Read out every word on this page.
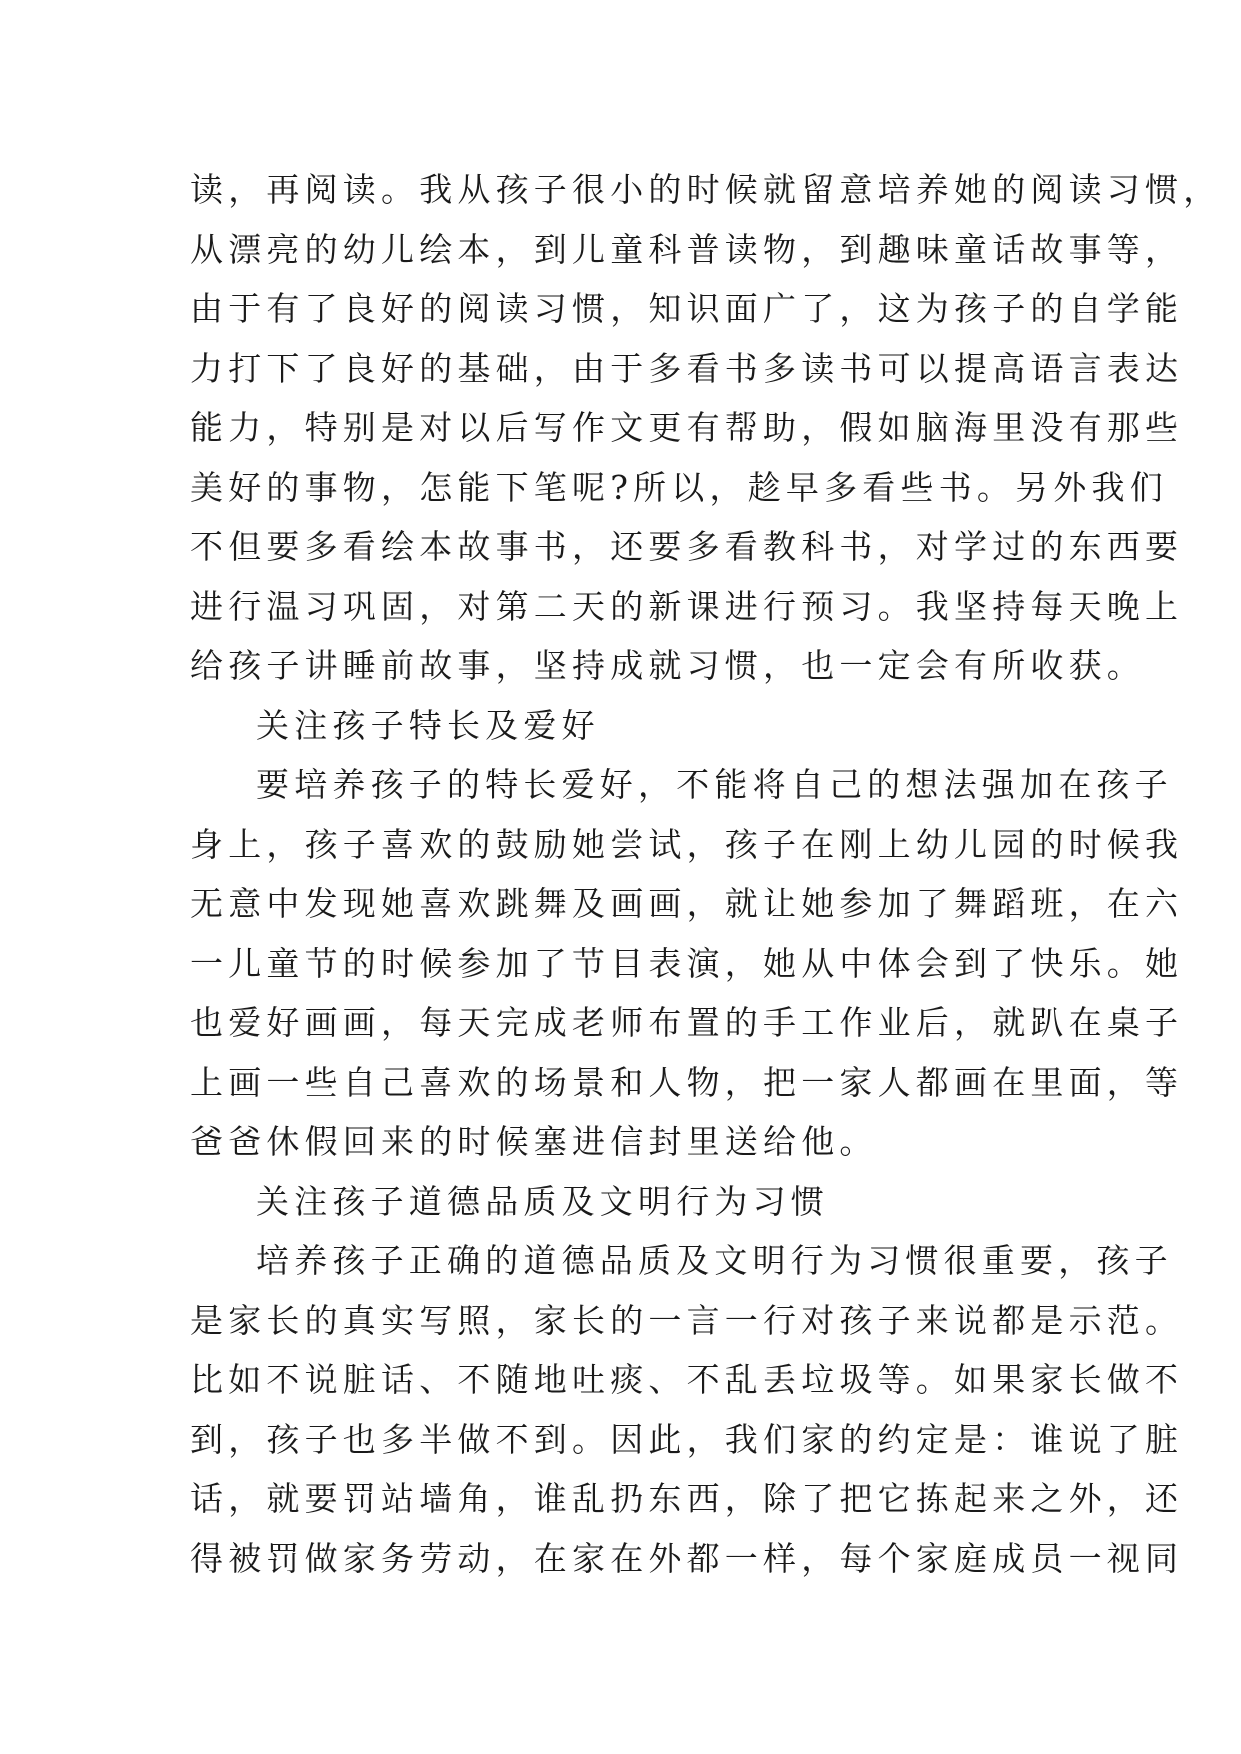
读，再阅读。我从孩子很小的时候就留意培养她的阅读习惯，
从漂亮的幼儿绘本，到儿童科普读物，到趣味童话故事等，
由于有了良好的阅读习惯，知识面广了，这为孩子的自学能
力打下了良好的基础，由于多看书多读书可以提高语言表达
能力，特别是对以后写作文更有帮助，假如脑海里没有那些
美好的事物，怎能下笔呢?所以，趁早多看些书。另外我们
不但要多看绘本故事书，还要多看教科书，对学过的东西要
进行温习巩固，对第二天的新课进行预习。我坚持每天晚上
给孩子讲睡前故事，坚持成就习惯，也一定会有所收获。
关注孩子特长及爱好
要培养孩子的特长爱好，不能将自己的想法强加在孩子
身上，孩子喜欢的鼓励她尝试，孩子在刚上幼儿园的时候我
无意中发现她喜欢跳舞及画画，就让她参加了舞蹈班，在六
一儿童节的时候参加了节目表演，她从中体会到了快乐。她
也爱好画画，每天完成老师布置的手工作业后，就趴在桌子
上画一些自己喜欢的场景和人物，把一家人都画在里面，等
爸爸休假回来的时候塞进信封里送给他。
关注孩子道德品质及文明行为习惯
培养孩子正确的道德品质及文明行为习惯很重要，孩子
是家长的真实写照，家长的一言一行对孩子来说都是示范。
比如不说脏话、不随地吐痰、不乱丢垃圾等。如果家长做不
到，孩子也多半做不到。因此，我们家的约定是：谁说了脏
话，就要罚站墙角，谁乱扔东西，除了把它拣起来之外，还
得被罚做家务劳动，在家在外都一样，每个家庭成员一视同
